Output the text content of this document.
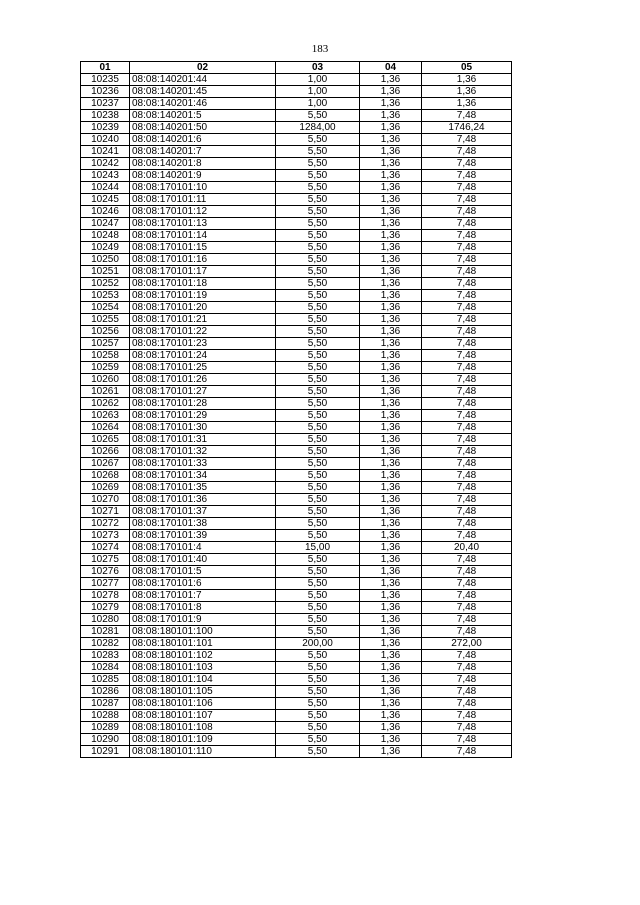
183
01	02	03	04	05
10235	08:08:140201:44	1,00	1,36	1,36
10236	08:08:140201:45	1,00	1,36	1,36
10237	08:08:140201:46	1,00	1,36	1,36
10238	08:08:140201:5	5,50	1,36	7,48
10239	08:08:140201:50	1284,00	1,36	1746,24
10240	08:08:140201:6	5,50	1,36	7,48
10241	08:08:140201:7	5,50	1,36	7,48
10242	08:08:140201:8	5,50	1,36	7,48
10243	08:08:140201:9	5,50	1,36	7,48
10244	08:08:170101:10	5,50	1,36	7,48
10245	08:08:170101:11	5,50	1,36	7,48
10246	08:08:170101:12	5,50	1,36	7,48
10247	08:08:170101:13	5,50	1,36	7,48
10248	08:08:170101:14	5,50	1,36	7,48
10249	08:08:170101:15	5,50	1,36	7,48
10250	08:08:170101:16	5,50	1,36	7,48
10251	08:08:170101:17	5,50	1,36	7,48
10252	08:08:170101:18	5,50	1,36	7,48
10253	08:08:170101:19	5,50	1,36	7,48
10254	08:08:170101:20	5,50	1,36	7,48
10255	08:08:170101:21	5,50	1,36	7,48
10256	08:08:170101:22	5,50	1,36	7,48
10257	08:08:170101:23	5,50	1,36	7,48
10258	08:08:170101:24	5,50	1,36	7,48
10259	08:08:170101:25	5,50	1,36	7,48
10260	08:08:170101:26	5,50	1,36	7,48
10261	08:08:170101:27	5,50	1,36	7,48
10262	08:08:170101:28	5,50	1,36	7,48
10263	08:08:170101:29	5,50	1,36	7,48
10264	08:08:170101:30	5,50	1,36	7,48
10265	08:08:170101:31	5,50	1,36	7,48
10266	08:08:170101:32	5,50	1,36	7,48
10267	08:08:170101:33	5,50	1,36	7,48
10268	08:08:170101:34	5,50	1,36	7,48
10269	08:08:170101:35	5,50	1,36	7,48
10270	08:08:170101:36	5,50	1,36	7,48
10271	08:08:170101:37	5,50	1,36	7,48
10272	08:08:170101:38	5,50	1,36	7,48
10273	08:08:170101:39	5,50	1,36	7,48
10274	08:08:170101:4	15,00	1,36	20,40
10275	08:08:170101:40	5,50	1,36	7,48
10276	08:08:170101:5	5,50	1,36	7,48
10277	08:08:170101:6	5,50	1,36	7,48
10278	08:08:170101:7	5,50	1,36	7,48
10279	08:08:170101:8	5,50	1,36	7,48
10280	08:08:170101:9	5,50	1,36	7,48
10281	08:08:180101:100	5,50	1,36	7,48
10282	08:08:180101:101	200,00	1,36	272,00
10283	08:08:180101:102	5,50	1,36	7,48
10284	08:08:180101:103	5,50	1,36	7,48
10285	08:08:180101:104	5,50	1,36	7,48
10286	08:08:180101:105	5,50	1,36	7,48
10287	08:08:180101:106	5,50	1,36	7,48
10288	08:08:180101:107	5,50	1,36	7,48
10289	08:08:180101:108	5,50	1,36	7,48
10290	08:08:180101:109	5,50	1,36	7,48
10291	08:08:180101:110	5,50	1,36	7,48
